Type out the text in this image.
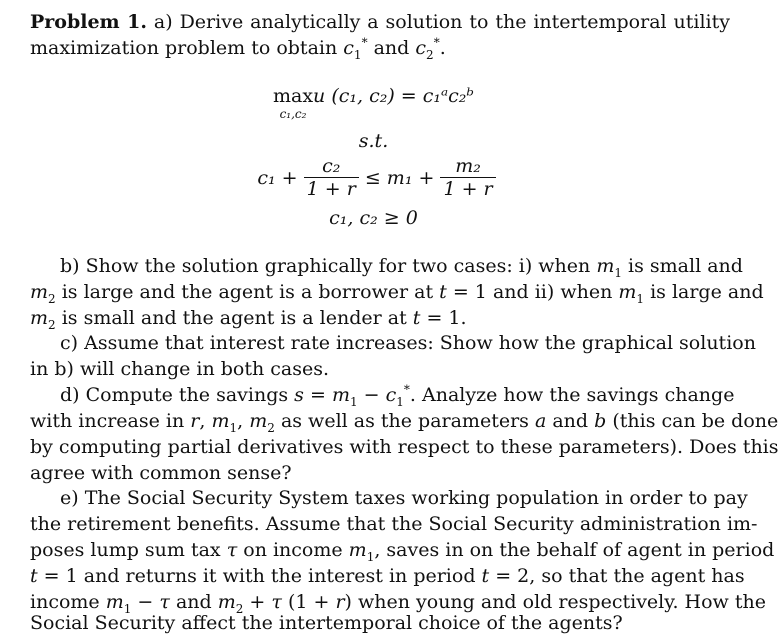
Problem 1. a) Derive analytically a solution to the intertemporal utility
maximization problem to obtain $c_1^*$ and $c_2^*$.
max
c₁,c₂
u (c₁, c₂) = c₁ᵃc₂ᵇ
s.t.
$c_1 + \frac{\text{c₂}}{1 + r} \le m_1 + \frac{\text{m₂}}{1 + r}$
c₁, c₂ ≥ 0
b) Show the solution graphically for two cases: i) when $m_1$ is small and
$m_2$ is large and the agent is a borrower at t = 1 and ii) when $m_1$ is large and
$m_2$ is small and the agent is a lender at t = 1.
c) Assume that interest rate increases: Show how the graphical solution
in b) will change in both cases.
d) Compute the savings $s = m_1 - c_1^*$. Analyze how the savings change
with increase in r, $m_1$, $m_2$ as well as the parameters a and b (this can be done
by computing partial derivatives with respect to these parameters). Does this
agree with common sense?
e) The Social Security System taxes working population in order to pay
the retirement benefits. Assume that the Social Security administration im-
poses lump sum tax τ on income $m_1$, saves in on the behalf of agent in period
t = 1 and returns it with the interest in period t = 2, so that the agent has
income $m_1 - \tau$ and $m_2 + \tau$ (1 + r) when young and old respectively. How the
Social Security affect the intertemporal choice of the agents?
